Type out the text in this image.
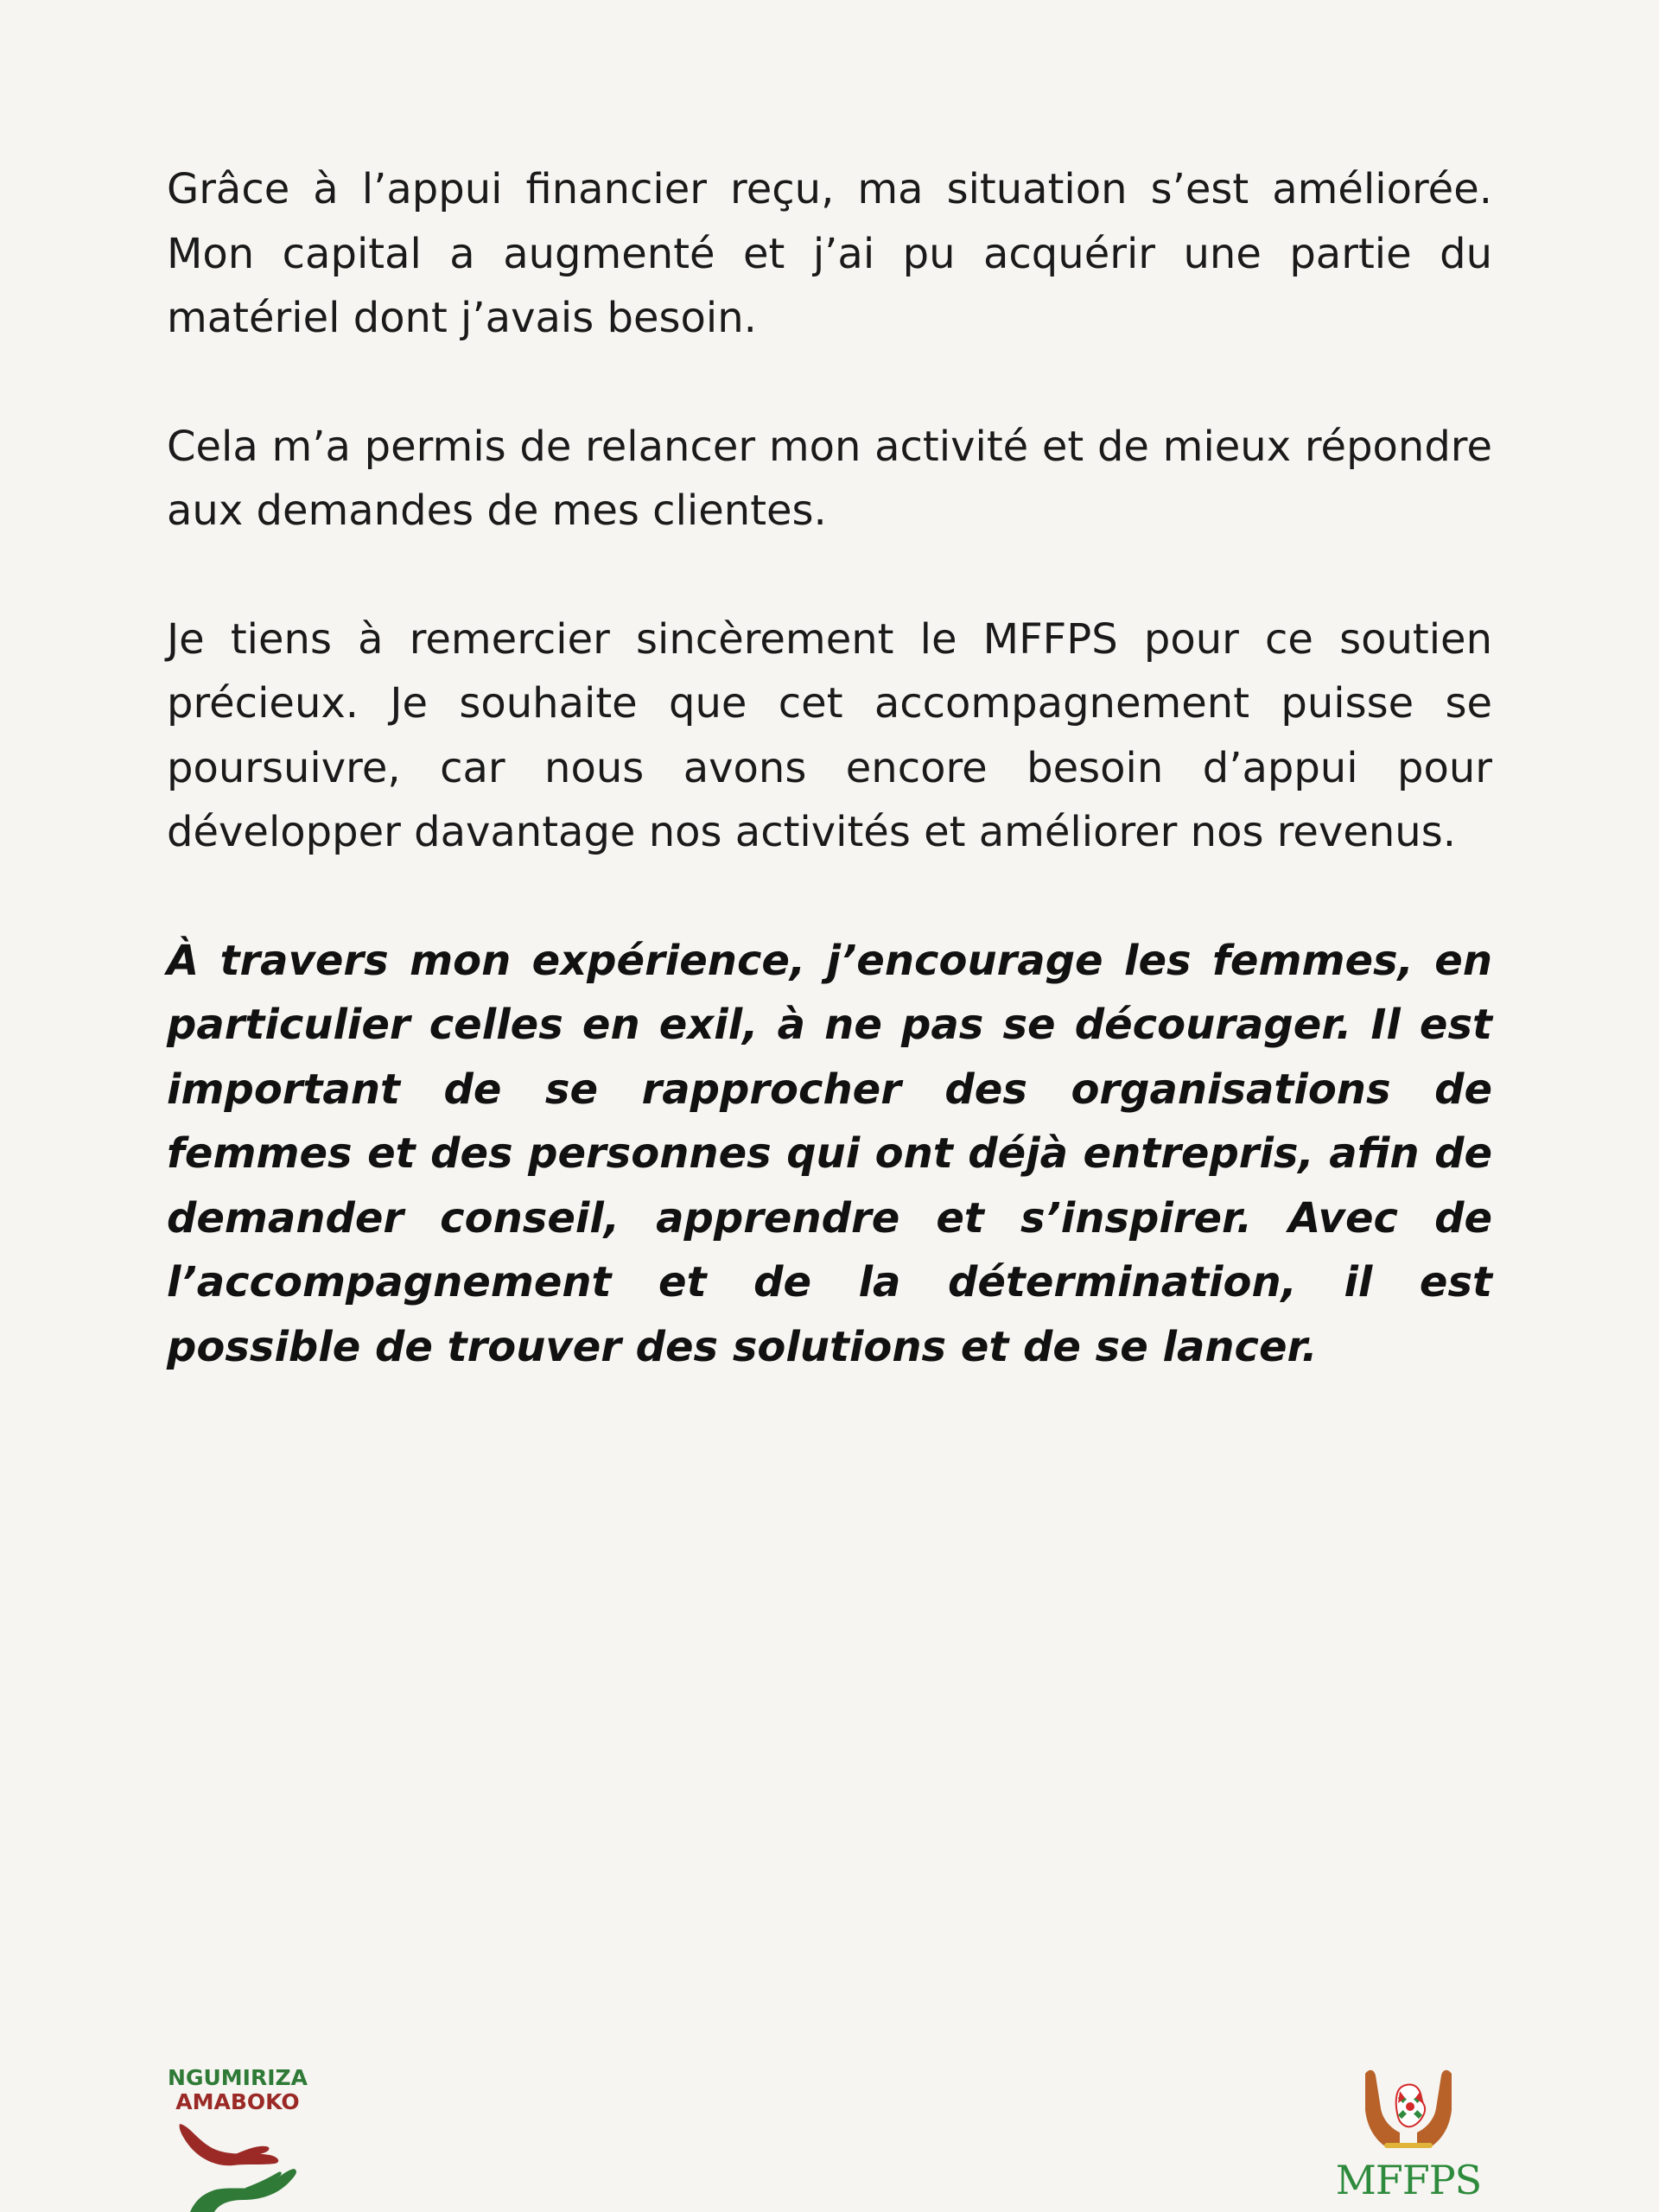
Grâce à l’appui financier reçu, ma situation s’est améliorée. Mon capital a augmenté et j’ai pu acquérir une partie du matériel dont j’avais besoin.

Cela m’a permis de relancer mon activité et de mieux répondre aux demandes de mes clientes.

Je tiens à remercier sincèrement le MFFPS pour ce soutien précieux. Je souhaite que cet accompagnement puisse se poursuivre, car nous avons encore besoin d’appui pour développer davantage nos activités et améliorer nos revenus.

À travers mon expérience, j’encourage les femmes, en particulier celles en exil, à ne pas se décourager. Il est important de se rapprocher des organisations de femmes et des personnes qui ont déjà entrepris, afin de demander conseil, apprendre et s’inspirer. Avec de l’accompagnement et de la détermination, il est possible de trouver des solutions et de se lancer.

NGUMIRIZA
AMABOKO
MFFPS
